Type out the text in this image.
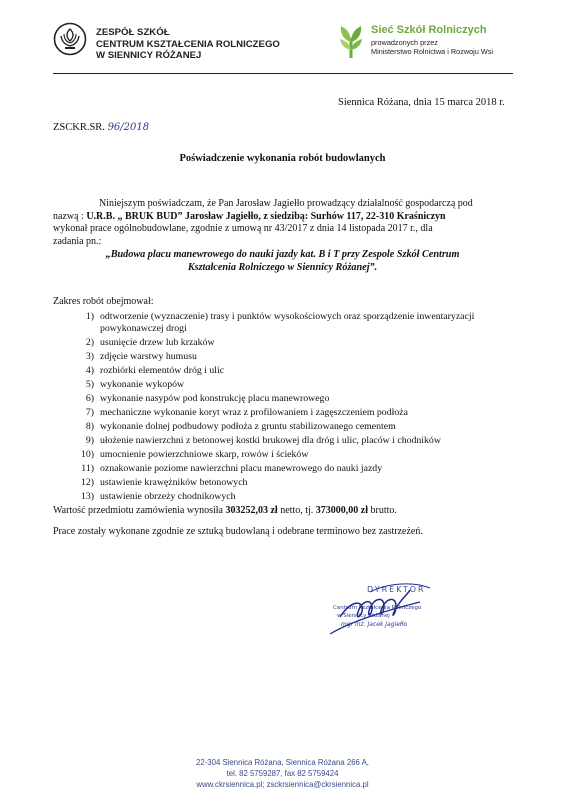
ZESPÓŁ SZKÓŁ
CENTRUM KSZTAŁCENIA ROLNICZEGO
W SIENNICY RÓŻANEJ
Sieć Szkół Rolniczych
prowadzonych przez
Ministerstwo Rolnictwa i Rozwoju Wsi
Siennica Różana, dnia 15 marca 2018 r.
ZSCKR.SR. 96/2018
Poświadczenie wykonania robót budowlanych
Niniejszym poświadczam, że Pan Jarosław Jagiełło prowadzący działalność gospodarczą pod
nazwą : U.R.B. „ BRUK BUD” Jarosław Jagiełło, z siedzibą: Surhów 117, 22-310 Kraśniczyn
wykonał prace ogólnobudowlane, zgodnie z umową nr 43/2017 z dnia 14 listopada 2017 r., dla
zadania pn.:
„Budowa placu manewrowego do nauki jazdy kat. B i T przy Zespole Szkół Centrum
Kształcenia Rolniczego w Siennicy Różanej”.
Zakres robót obejmował:
1) odtworzenie (wyznaczenie) trasy i punktów wysokościowych oraz sporządzenie inwentaryzacji powykonawczej drogi
2) usunięcie drzew lub krzaków
3) zdjęcie warstwy humusu
4) rozbiórki elementów dróg i ulic
5) wykonanie wykopów
6) wykonanie nasypów pod konstrukcję placu manewrowego
7) mechaniczne wykonanie koryt wraz z profilowaniem i zagęszczeniem podłoża
8) wykonanie dolnej podbudowy podłoża z gruntu stabilizowanego cementem
9) ułożenie nawierzchni z betonowej kostki brukowej dla dróg i ulic, placów i chodników
10) umocnienie powierzchniowe skarp, rowów i ścieków
11) oznakowanie poziome nawierzchni placu manewrowego do nauki jazdy
12) ustawienie krawężników betonowych
13) ustawienie obrzeży chodnikowych
Wartość przedmiotu zamówienia wynosiła 303252,03 zł netto, tj. 373000,00 zł brutto.
Prace zostały wykonane zgodnie ze sztuką budowlaną i odebrane terminowo bez zastrzeżeń.
DYREKTOR
Centrum Kształcenia Rolniczego
w Siennicy Różanej
mgr inż. Jacek Jagiełło
22-304 Siennica Różana, Siennica Różana 266 A,
tel. 82 5759287, fax 82 5759424
www.ckrsiennica.pl; zsckrsiennica@ckrsiennica.pl
